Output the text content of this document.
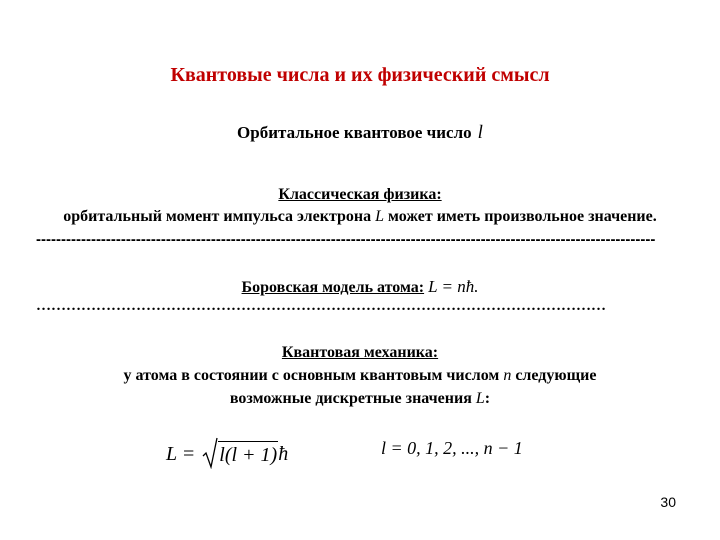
Квантовые числа и их физический смысл
Орбитальное квантовое число l
Классическая физика:
орбитальный момент импульса электрона L может иметь произвольное значение.
----------------------------------------------------------------------------------------------------------------------------
Боровская модель атома: L = nħ.
……………………………………………………………………………………………………
Квантовая механика:
у атома в состоянии с основным квантовым числом n следующие
возможные дискретные значения L:
L = l(l + 1)ħ	l = 0, 1, 2, ..., n − 1
30
